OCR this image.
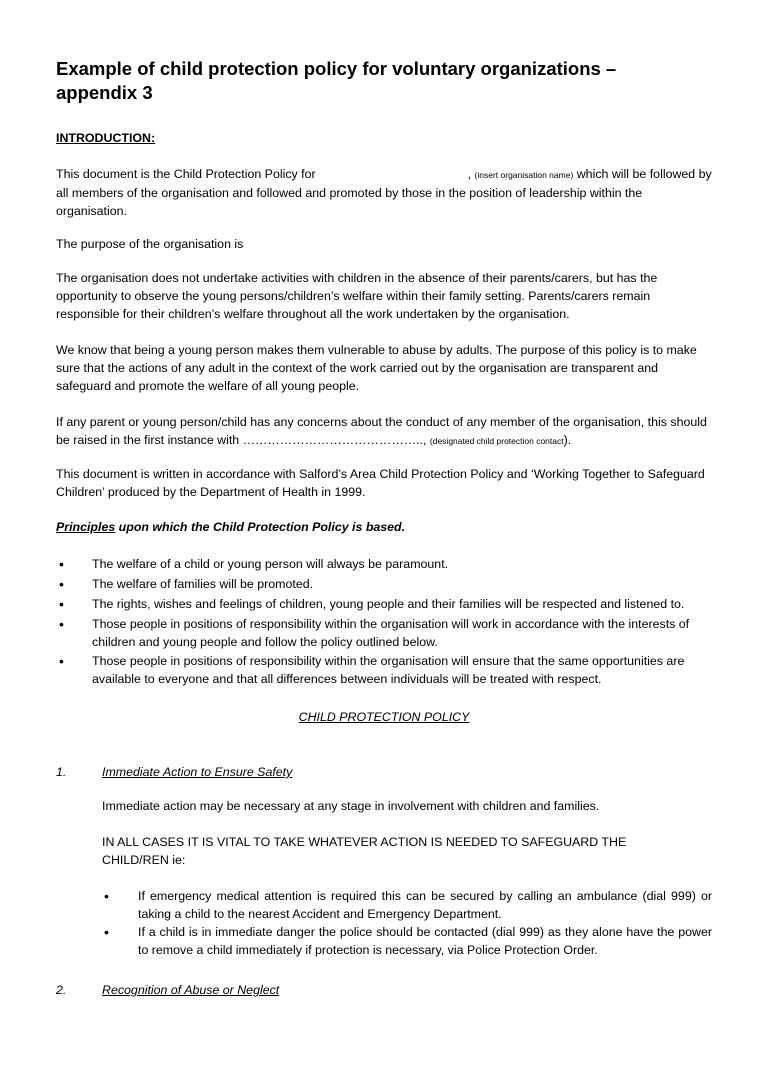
Example of child protection policy for voluntary organizations – appendix 3

INTRODUCTION:

This document is the Child Protection Policy for	, (insert organisation name) which will be followed by all members of the organisation and followed and promoted by those in the position of leadership within the organisation.

The purpose of the organisation is

The organisation does not undertake activities with children in the absence of their parents/carers, but has the opportunity to observe the young persons/children’s welfare within their family setting. Parents/carers remain responsible for their children’s welfare throughout all the work undertaken by the organisation.

We know that being a young person makes them vulnerable to abuse by adults. The purpose of this policy is to make sure that the actions of any adult in the context of the work carried out by the organisation are transparent and safeguard and promote the welfare of all young people.

If any parent or young person/child has any concerns about the conduct of any member of the organisation, this should be raised in the first instance with …………………………………….., (designated child protection contact).

This document is written in accordance with Salford’s Area Child Protection Policy and ‘Working Together to Safeguard Children’ produced by the Department of Health in 1999.

Principles upon which the Child Protection Policy is based.

• The welfare of a child or young person will always be paramount.
• The welfare of families will be promoted.
• The rights, wishes and feelings of children, young people and their families will be respected and listened to.
• Those people in positions of responsibility within the organisation will work in accordance with the interests of children and young people and follow the policy outlined below.
• Those people in positions of responsibility within the organisation will ensure that the same opportunities are available to everyone and that all differences between individuals will be treated with respect.

CHILD PROTECTION POLICY

1.	Immediate Action to Ensure Safety

Immediate action may be necessary at any stage in involvement with children and families.

IN ALL CASES IT IS VITAL TO TAKE WHATEVER ACTION IS NEEDED TO SAFEGUARD THE CHILD/REN ie:

• If emergency medical attention is required this can be secured by calling an ambulance (dial 999) or taking a child to the nearest Accident and Emergency Department.
• If a child is in immediate danger the police should be contacted (dial 999) as they alone have the power to remove a child immediately if protection is necessary, via Police Protection Order.
2.	Recognition of Abuse or Neglect
